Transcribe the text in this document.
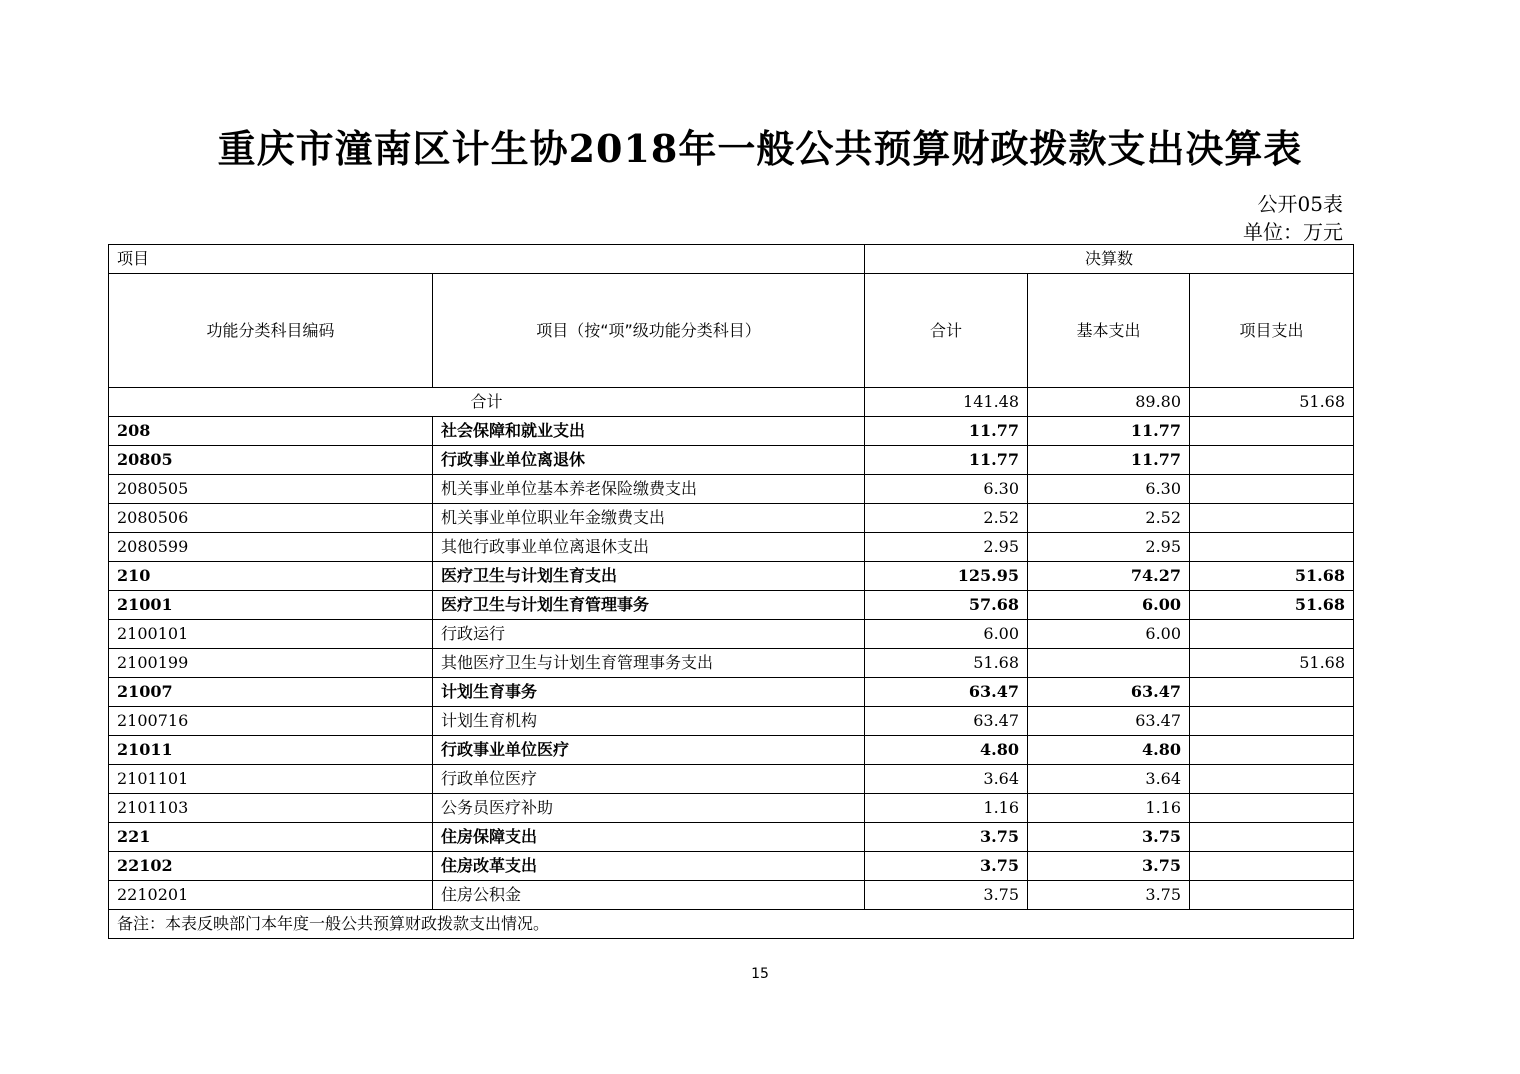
重庆市潼南区计生协2018年一般公共预算财政拨款支出决算表
公开05表
单位：万元
项目		决算数		
功能分类科目编码	项目（按“项”级功能分类科目）	合计	基本支出	项目支出
合计		141.48	89.80	51.68
208	社会保障和就业支出	11.77	11.77	
20805	行政事业单位离退休	11.77	11.77	
2080505	机关事业单位基本养老保险缴费支出	6.30	6.30	
2080506	机关事业单位职业年金缴费支出	2.52	2.52	
2080599	其他行政事业单位离退休支出	2.95	2.95	
210	医疗卫生与计划生育支出	125.95	74.27	51.68
21001	医疗卫生与计划生育管理事务	57.68	6.00	51.68
2100101	行政运行	6.00	6.00	
2100199	其他医疗卫生与计划生育管理事务支出	51.68		51.68
21007	计划生育事务	63.47	63.47	
2100716	计划生育机构	63.47	63.47	
21011	行政事业单位医疗	4.80	4.80	
2101101	行政单位医疗	3.64	3.64	
2101103	公务员医疗补助	1.16	1.16	
221	住房保障支出	3.75	3.75	
22102	住房改革支出	3.75	3.75	
2210201	住房公积金	3.75	3.75	
备注：本表反映部门本年度一般公共预算财政拨款支出情况。				
15
